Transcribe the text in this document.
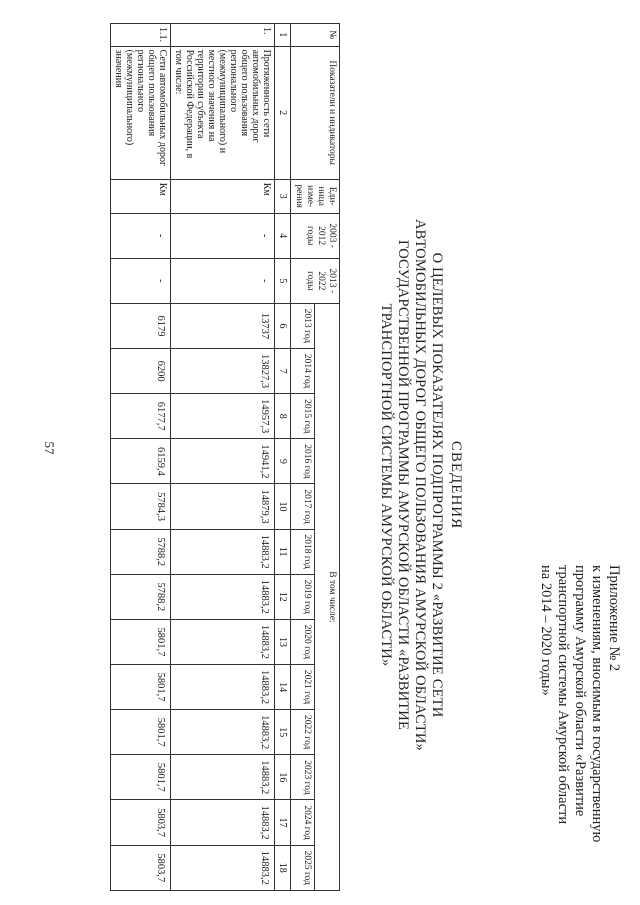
57
Приложение № 2
к изменениям, вносимым в государственную
программу Амурской области «Развитие
транспортной системы Амурской области
на 2014 – 2020 годы»
СВЕДЕНИЯ
О ЦЕЛЕВЫХ ПОКАЗАТЕЛЯХ ПОДПРОГРАММЫ 2 «РАЗВИТИЕ СЕТИ
АВТОМОБИЛЬНЫХ ДОРОГ ОБЩЕГО ПОЛЬЗОВАНИЯ АМУРСКОЙ ОБЛАСТИ»
ГОСУДАРСТВЕННОЙ ПРОГРАММЫ АМУРСКОЙ ОБЛАСТИ «РАЗВИТИЕ
ТРАНСПОРТНОЙ СИСТЕМЫ АМУРСКОЙ ОБЛАСТИ»
№	Показатели и индикаторы	Еди-ница изме-рения	2003 - 2012 годы	2013 - 2022 годы	В том числе:												
					2013 год	2014 год	2015 год	2016 год	2017 год	2018 год	2019 год	2020 год	2021 год	2022 год	2023 год	2024 год	2025 год
1	2	3	4	5	6	7	8	9	10	11	12	13	14	15	16	17	18
1.	Протяженность сети автомобильных дорог общего пользования регионального (межмуниципального) и местного значения на территории субъекта Российской Федерации, в том числе:	Км	-	-	13737	13827,3	14957,3	14941,2	14879,3	14883,2	14883,2	14883,2	14883,2	14883,2	14883,2	14883,2	14883,2
1.1.	Сети автомобильных дорог общего пользования регионального (межмуниципального) значения	Км	-	-	6179	6200	6177,7	6159,4	5784,3	5788,2	5788,2	5801,7	5801,7	5801,7	5801,7	5803,7	5803,7
